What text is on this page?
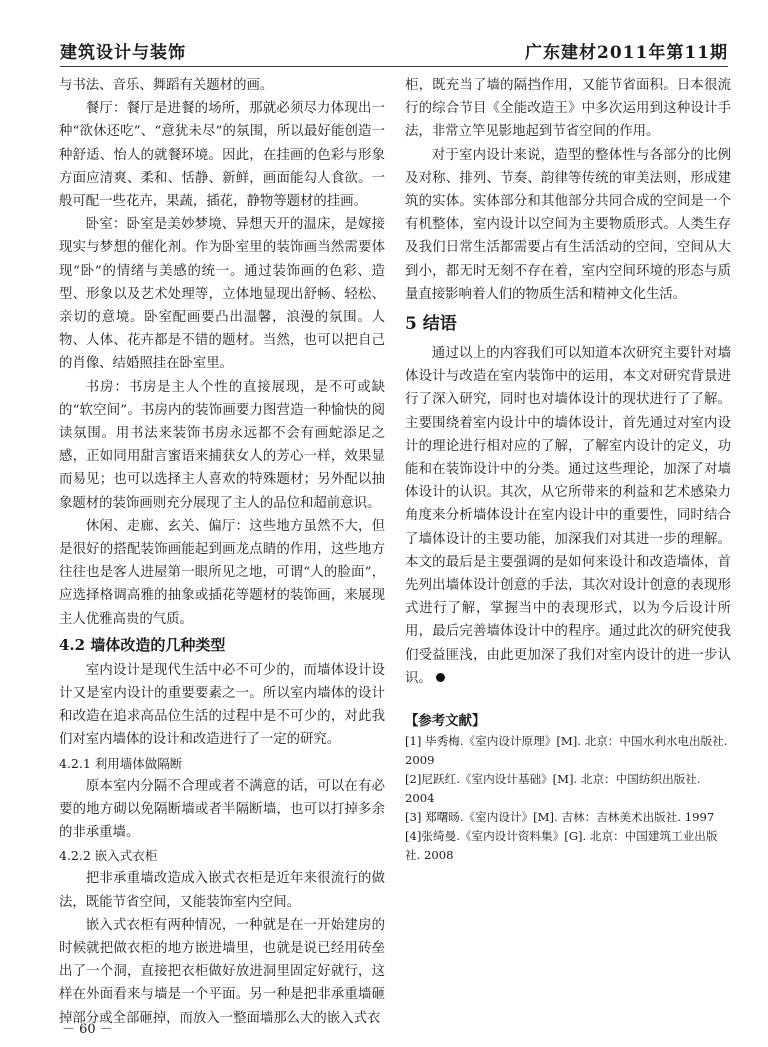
建筑设计与装饰	广东建材2011年第11期

与书法、音乐、舞蹈有关题材的画。

餐厅：餐厅是进餐的场所，那就必须尽力体现出一种“欲休还吃”、“意犹未尽”的氛围，所以最好能创造一种舒适、怡人的就餐环境。因此，在挂画的色彩与形象方面应清爽、柔和、恬静、新鲜，画面能勾人食欲。一般可配一些花卉，果蔬，插花，静物等题材的挂画。

卧室：卧室是美妙梦境、异想天开的温床，是嫁接现实与梦想的催化剂。作为卧室里的装饰画当然需要体现“卧”的情绪与美感的统一。通过装饰画的色彩、造型、形象以及艺术处理等，立体地显现出舒畅、轻松、亲切的意境。卧室配画要凸出温馨，浪漫的氛围。人物、人体、花卉都是不错的题材。当然，也可以把自己的肖像、结婚照挂在卧室里。

书房：书房是主人个性的直接展现，是不可或缺的“软空间”。书房内的装饰画要力图营造一种愉快的阅读氛围。用书法来装饰书房永远都不会有画蛇添足之感，正如同用甜言蜜语来捕获女人的芳心一样，效果显而易见；也可以选择主人喜欢的特殊题材；另外配以抽象题材的装饰画则充分展现了主人的品位和超前意识。

休闲、走廊、玄关、偏厅：这些地方虽然不大，但是很好的搭配装饰画能起到画龙点睛的作用，这些地方往往也是客人进屋第一眼所见之地，可谓“人的脸面”，应选择格调高雅的抽象或插花等题材的装饰画，来展现主人优雅高贵的气质。

4.2 墙体改造的几种类型

室内设计是现代生活中必不可少的，而墙体设计设计又是室内设计的重要要素之一。所以室内墙体的设计和改造在追求高品位生活的过程中是不可少的，对此我们对室内墙体的设计和改造进行了一定的研究。

4.2.1 利用墙体做隔断

原本室内分隔不合理或者不满意的话，可以在有必要的地方砌以免隔断墙或者半隔断墙，也可以打掉多余的非承重墙。

4.2.2 嵌入式衣柜

把非承重墙改造成入嵌式衣柜是近年来很流行的做法，既能节省空间，又能装饰室内空间。

嵌入式衣柜有两种情况，一种就是在一开始建房的时候就把做衣柜的地方嵌进墙里，也就是说已经用砖垒出了一个洞，直接把衣柜做好放进洞里固定好就行，这样在外面看来与墙是一个平面。另一种是把非承重墙砸掉部分或全部砸掉，而放入一整面墙那么大的嵌入式衣

柜，既充当了墙的隔挡作用，又能节省面积。日本很流行的综合节目《全能改造王》中多次运用到这种设计手法，非常立竿见影地起到节省空间的作用。

对于室内设计来说，造型的整体性与各部分的比例及对称、排列、节奏、韵律等传统的审美法则，形成建筑的实体。实体部分和其他部分共同合成的空间是一个有机整体，室内设计以空间为主要物质形式。人类生存及我们日常生活都需要占有生活活动的空间，空间从大到小，都无时无刻不存在着，室内空间环境的形态与质量直接影响着人们的物质生活和精神文化生活。

5 结语

通过以上的内容我们可以知道本次研究主要针对墙体设计与改造在室内装饰中的运用，本文对研究背景进行了深入研究，同时也对墙体设计的现状进行了了解。主要围绕着室内设计中的墙体设计，首先通过对室内设计的理论进行相对应的了解，了解室内设计的定义，功能和在装饰设计中的分类。通过这些理论，加深了对墙体设计的认识。其次，从它所带来的利益和艺术感染力角度来分析墙体设计在室内设计中的重要性，同时结合了墙体设计的主要功能，加深我们对其进一步的理解。本文的最后是主要强调的是如何来设计和改造墙体，首先列出墙体设计创意的手法，其次对设计创意的表现形式进行了解，掌握当中的表现形式，以为今后设计所用，最后完善墙体设计中的程序。通过此次的研究使我们受益匪浅，由此更加深了我们对室内设计的进一步认识。

【参考文献】
[1] 毕秀梅.《室内设计原理》[M]. 北京：中国水利水电出版社. 2009
[2]尼跃红.《室内设计基础》[M]. 北京：中国纺织出版社. 2004
[3] 郑曙旸.《室内设计》[M]. 吉林：吉林美术出版社. 1997
[4]张绮曼.《室内设计资料集》[G]. 北京：中国建筑工业出版社. 2008
－ 60 －
